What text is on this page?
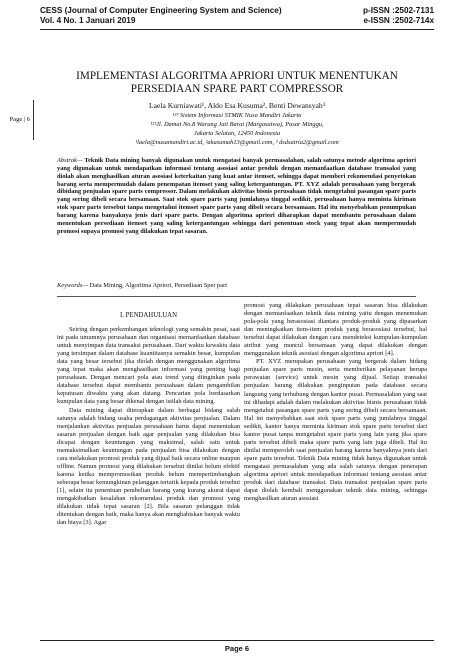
CESS (Journal of Computer Engineering System and Science)
Vol. 4 No. 1 Januari 2019
p-ISSN :2502-7131
e-ISSN :2502-714x
Page | 6
IMPLEMENTASI ALGORITMA APRIORI UNTUK MENENTUKAN
PERSEDIAAN SPARE PART COMPRESSOR
Laela Kurniawati¹, Aldo Esa Kusuma², Benti Dewansyah³
¹²³ Sistem Informasi STMIK Nusa Mandiri Jakarta
¹²³Jl. Damai No.8 Warung Jati Barat (Margasatwa), Pasar Minggu,
Jakarta Selatan, 12450 Indonesia
¹laela@nusamandiri.ac.id, ²akusumah13@gmail.com, ³ dsdsatria2@gmail.com
Abstrak— Teknik Data mining banyak digunakan untuk mengatasi banyak permasalahan, salah satunya metode algoritma apriori yang digunakan untuk mendapatkan informasi tentang asosiasi antar produk dengan memanfaatkan database transaksi yang diolah akan menghasilkan aturan asosiasi keterkaitan yang kuat antar itemset, sehingga dapat memberi rekomendasi penyetokan barang serta mempermudah dalam penempatan itemset yang saling ketergantungan. PT. XYZ adalah perusahaan yang bergerak dibidang penjualan spare parts compressor. Dalam melakukan aktivitas bisnis perusahaan tidak mengetahui pasangan spare parts yang sering dibeli secara bersamaan. Saat stok spare parts yang jumlahnya tinggal sedikit, perusahaan hanya meminta kiriman stok spare parts tersebut tanpa mengetahui itemset spare parts yang dibeli secara bersamaan. Hal itu menyebabkan penumpukan barang karena banyaknya jenis dari spare parts. Dengan algoritma apriori diharapkan dapat membantu perusahaan dalam menentukan persediaan itemset yang saling ketergantungan sehingga dari penentuan stock yang tepat akan mempermudah promosi supaya promosi yang dilakukan tepat sasaran.
Keywords— Data Mining, Algoritma Apriori, Persediaan Sper part
I. PENDAHULUAN

Seiring dengan perkembangan teknologi yang semakin pesat, saat ini pada umumnya perusahaan dan organisasi memanfaatkan database untuk menyimpan data transaksi perusahaan. Dari waktu kewaktu data yang tersimpan dalam database kuantitasnya semakin besar, kumpulan data yang besar tersebut jika diolah dengan menggunakan algoritma yang tepat maka akan menghasilkan informasi yang penting bagi perusahaan. Dengan mencari pola atau trend yang diinginkan pada database tersebut dapat membantu perusahaan dalam pengambilan keputusan diwaktu yang akan datang. Pencarian pola berdasarkan kumpulan data yang besar dikenal dengan istilah data mining.

Data mining dapat diterapkan dalam berbagai bidang salah satunya adalah bidang usaha perdagangan aktivitas penjualan. Dalam menjalankan aktivitas penjualan perusahaan harus dapat menentukan sasaran penjualan dengan baik agar penjualan yang dilakukan bisa dicapai dengan keuntungan yang maksimal, salah satu untuk memaksimalkan keuntungan pada penjualan bisa dilakukan dengan cara melakukan promosi produk yang dijual baik secara online maupun offline. Namun promosi yang dilakukan tersebut dinilai belum efektif karena ketika mempromosikan produk belum mempertimbangkan seberapa besar kemungkinan pelanggan tertarik kepada produk tersebut [1], selain itu penentuan pembelian barang yang kurang akurat dapat mengakibatkan kesalahan rekomendasi produk dan promosi yang dilakukan tidak tepat sasaran [2]. Bila sasaran pelanggan tidak ditentukan dengan baik, maka hanya akan menghabiskan banyak waktu dan biaya [3]. Agar

promosi yang dilakukan perusahaan tepat sasaran bisa dilakukan dengan memanfaatkan teknik data mining yaitu dengan menemukan pola-pola yang berasosiasi diantara produk-produk yang dipasarkan dan meningkatkan item-item produk yang berasosiasi tersebut, hal tersebut dapat dilakukan dengan cara mendeteksi kumpulan-kumpulan atribut yang muncul bersamaan yang dapat dilakukan dengan menggunakan teknik asosiasi dengan algoritma apriori [4].

PT. XYZ merupakan perusahaan yang bergerak dalam bidang penjualan spare parts mesin, serta memberikan pelayanan berupa perawatan (service) untuk mesin yang dijual. Setiap transaksi penjualan barang dilakukan penginputan pada database secara langsung yang terhubung dengan kantor pusat. Permasalahan yang saat ini dihadapi adalah dalam melakukan aktivitas bisnis perusahaan tidak mengetahui pasangan spare parts yang sering dibeli secara bersamaan. Hal ini menyebabkan saat stok spare parts yang jumlahnya tinggal sedikit, kantor hanya meminta kiriman stok spare parts tersebut dari kantor pusat tanpa mengetahui spare parts yang lain yang jika spare parts tersebut dibeli maka spare parts yang lain juga dibeli. Hal itu dinilai memperoleh saat penjualan barang karena banyaknya jenis dari spare parts tersebut. Teknik Data mining tidak hanya digunakan untuk mengatasi permasalahan yang ada salah satunya dengan penerapan algoritma apriori untuk mendapatkan informasi tentang asosiasi antar produk dari database transaksi. Data transaksi penjualan spare parts dapat diolah kembali menggunakan teknik data mining, sehingga menghasilkan aturan asosiasi

Page 6
